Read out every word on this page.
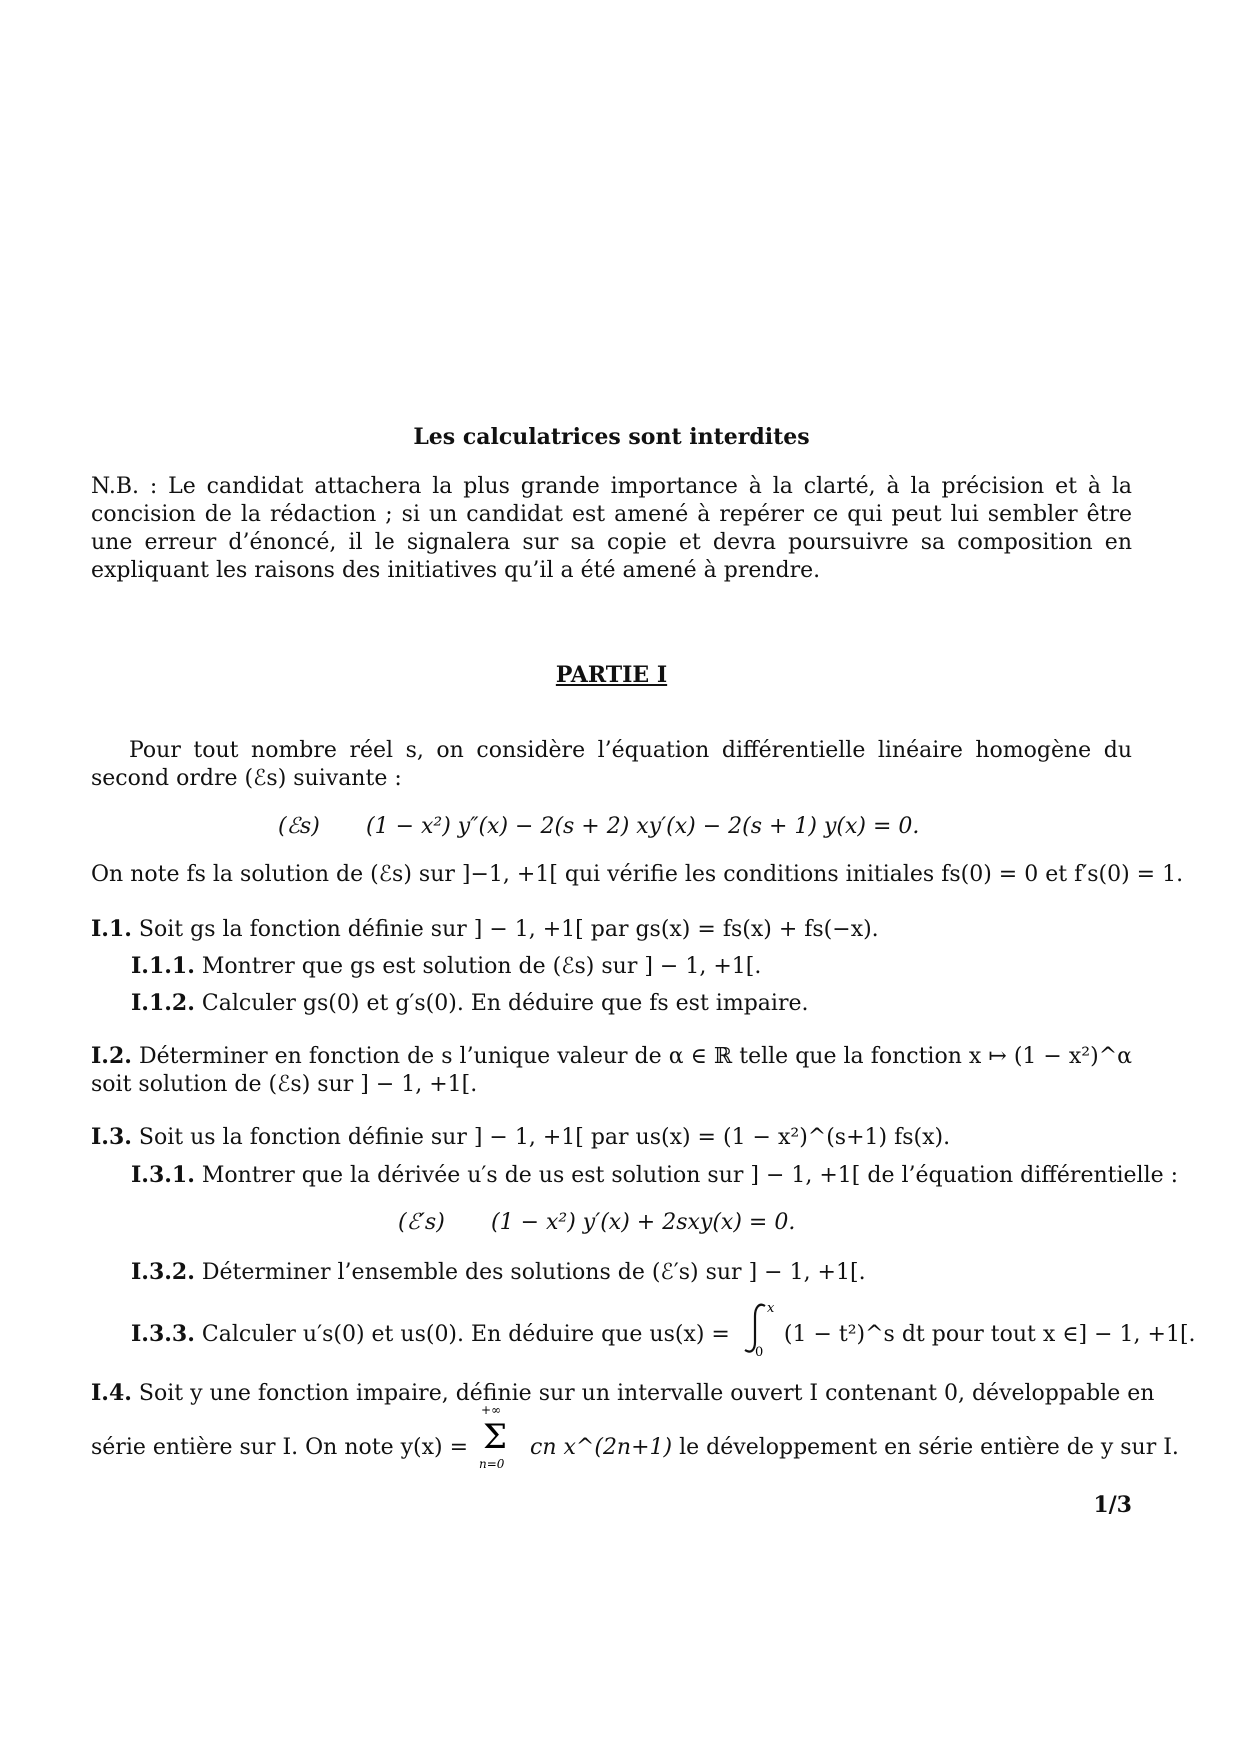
Les calculatrices sont interdites
N.B. : Le candidat attachera la plus grande importance à la clarté, à la précision et à la concision de la rédaction ; si un candidat est amené à repérer ce qui peut lui sembler être une erreur d’énoncé, il le signalera sur sa copie et devra poursuivre sa composition en expliquant les raisons des initiatives qu’il a été amené à prendre.
PARTIE I
Pour tout nombre réel s, on considère l’équation différentielle linéaire homogène du second ordre (ℰs) suivante :
(ℰs) (1 − x²) y″(x) − 2(s + 2) xy′(x) − 2(s + 1) y(x) = 0.
On note fs la solution de (ℰs) sur ]−1, +1[ qui vérifie les conditions initiales fs(0) = 0 et f′s(0) = 1.
I.1. Soit gs la fonction définie sur ] − 1, +1[ par gs(x) = fs(x) + fs(−x).
I.1.1. Montrer que gs est solution de (ℰs) sur ] − 1, +1[.
I.1.2. Calculer gs(0) et g′s(0). En déduire que fs est impaire.
I.2. Déterminer en fonction de s l’unique valeur de α ∈ ℝ telle que la fonction x ↦ (1 − x²)^α soit solution de (ℰs) sur ] − 1, +1[.
I.3. Soit us la fonction définie sur ] − 1, +1[ par us(x) = (1 − x²)^(s+1) fs(x).
I.3.1. Montrer que la dérivée u′s de us est solution sur ] − 1, +1[ de l’équation différentielle :
(ℰ′s) (1 − x²) y′(x) + 2sxy(x) = 0.
I.3.2. Déterminer l’ensemble des solutions de (ℰ′s) sur ] − 1, +1[.
I.3.3. Calculer u′s(0) et us(0). En déduire que us(x) =
x
0
(1 − t²)^s dt pour tout x ∈] − 1, +1[.
I.4. Soit y une fonction impaire, définie sur un intervalle ouvert I contenant 0, développable en
série entière sur I. On note y(x) =
+∞
Σ
n=0
cn x^(2n+1) le développement en série entière de y sur I.
1/3
